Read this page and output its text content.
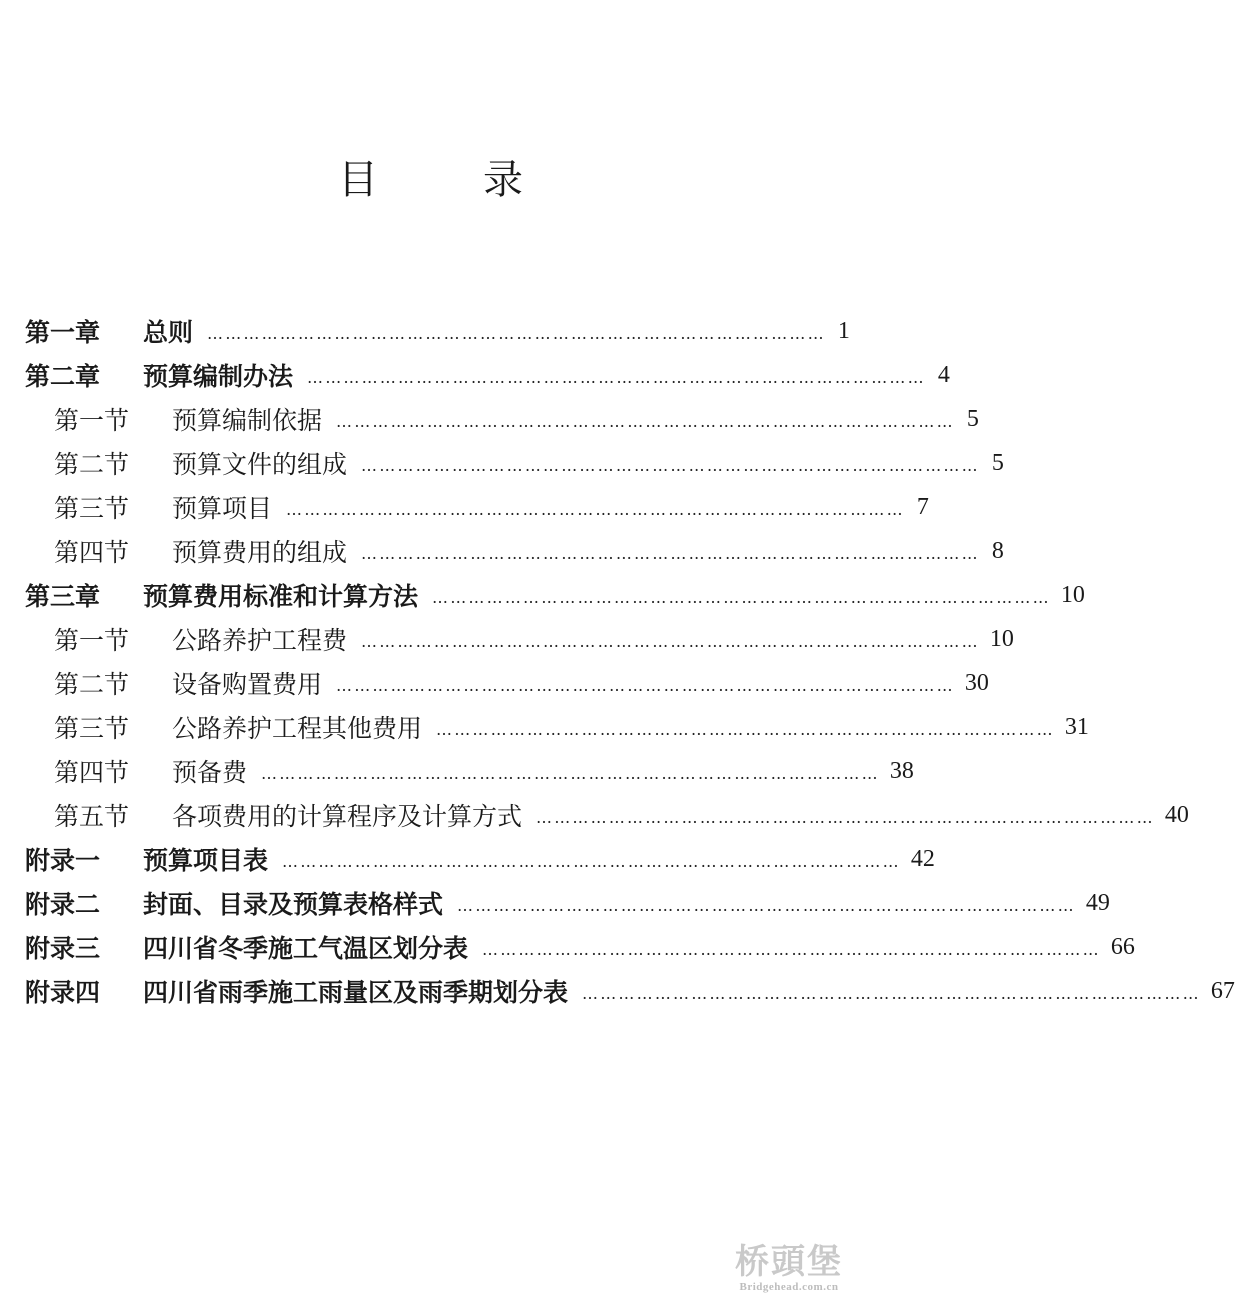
目	录
第一章	总则 ………………………………………………………………………………………… 1
第二章	预算编制办法 ………………………………………………………………………………………… 4
第一节	预算编制依据 ………………………………………………………………………………………… 5
第二节	预算文件的组成 ………………………………………………………………………………………… 5
第三节	预算项目 ………………………………………………………………………………………… 7
第四节	预算费用的组成 ………………………………………………………………………………………… 8
第三章	预算费用标准和计算方法 ………………………………………………………………………………………… 10
第一节	公路养护工程费 ………………………………………………………………………………………… 10
第二节	设备购置费用 ………………………………………………………………………………………… 30
第三节	公路养护工程其他费用 ………………………………………………………………………………………… 31
第四节	预备费 ………………………………………………………………………………………… 38
第五节	各项费用的计算程序及计算方式 ………………………………………………………………………………………… 40
附录一	预算项目表 ………………………………………………………………………………………… 42
附录二	封面、目录及预算表格样式 ………………………………………………………………………………………… 49
附录三	四川省冬季施工气温区划分表 ………………………………………………………………………………………… 66
附录四	四川省雨季施工雨量区及雨季期划分表 ………………………………………………………………………………………… 67
桥頭堡
Bridgehead.com.cn
